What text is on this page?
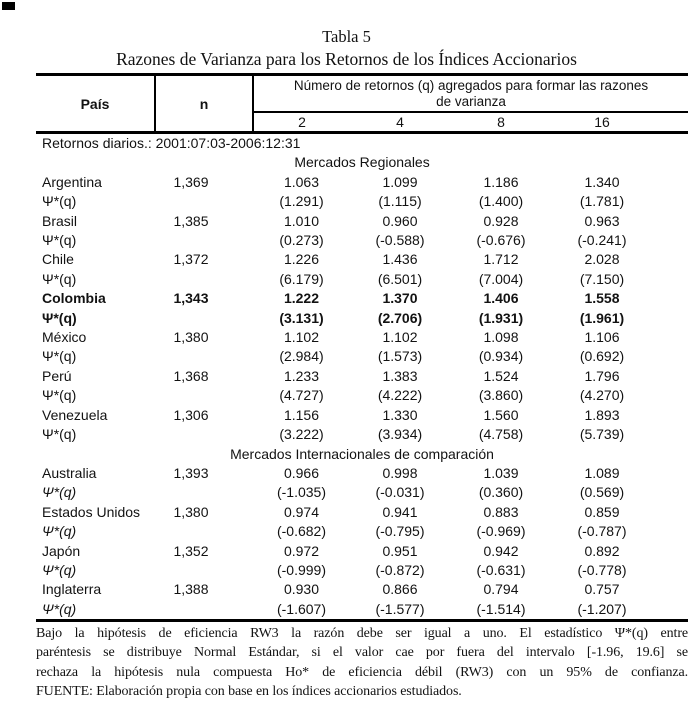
Tabla 5
Razones de Varianza para los Retornos de los Índices Accionarios
País	n	Número de retornos (q) agregados para formar las razones de varianza				

		2	4	8	16	
Retornos diarios.: 2001:07:03-2006:12:31						
Mercados Regionales						
Argentina	1,369	1.063	1.099	1.186	1.340	
Ψ*(q)		(1.291)	(1.115)	(1.400)	(1.781)	
Brasil	1,385	1.010	0.960	0.928	0.963	
Ψ*(q)		(0.273)	(-0.588)	(-0.676)	(-0.241)	
Chile	1,372	1.226	1.436	1.712	2.028	
Ψ*(q)		(6.179)	(6.501)	(7.004)	(7.150)	
Colombia	1,343	1.222	1.370	1.406	1.558	
Ψ*(q)		(3.131)	(2.706)	(1.931)	(1.961)	
México	1,380	1.102	1.102	1.098	1.106	
Ψ*(q)		(2.984)	(1.573)	(0.934)	(0.692)	
Perú	1,368	1.233	1.383	1.524	1.796	
Ψ*(q)		(4.727)	(4.222)	(3.860)	(4.270)	
Venezuela	1,306	1.156	1.330	1.560	1.893	
Ψ*(q)		(3.222)	(3.934)	(4.758)	(5.739)	
Mercados Internacionales de comparación						
Australia	1,393	0.966	0.998	1.039	1.089	
Ψ*(q)		(-1.035)	(-0.031)	(0.360)	(0.569)	
Estados Unidos	1,380	0.974	0.941	0.883	0.859	
Ψ*(q)		(-0.682)	(-0.795)	(-0.969)	(-0.787)	
Japón	1,352	0.972	0.951	0.942	0.892	
Ψ*(q)		(-0.999)	(-0.872)	(-0.631)	(-0.778)	
Inglaterra	1,388	0.930	0.866	0.794	0.757	
Ψ*(q)		(-1.607)	(-1.577)	(-1.514)	(-1.207)	
Bajo la hipótesis de eficiencia RW3 la razón debe ser igual a uno. El estadístico Ψ*(q) entre
paréntesis se distribuye Normal Estándar, si el valor cae por fuera del intervalo [-1.96, 19.6] se
rechaza la hipótesis nula compuesta Ho* de eficiencia débil (RW3) con un 95% de confianza.
FUENTE: Elaboración propia con base en los índices accionarios estudiados.
